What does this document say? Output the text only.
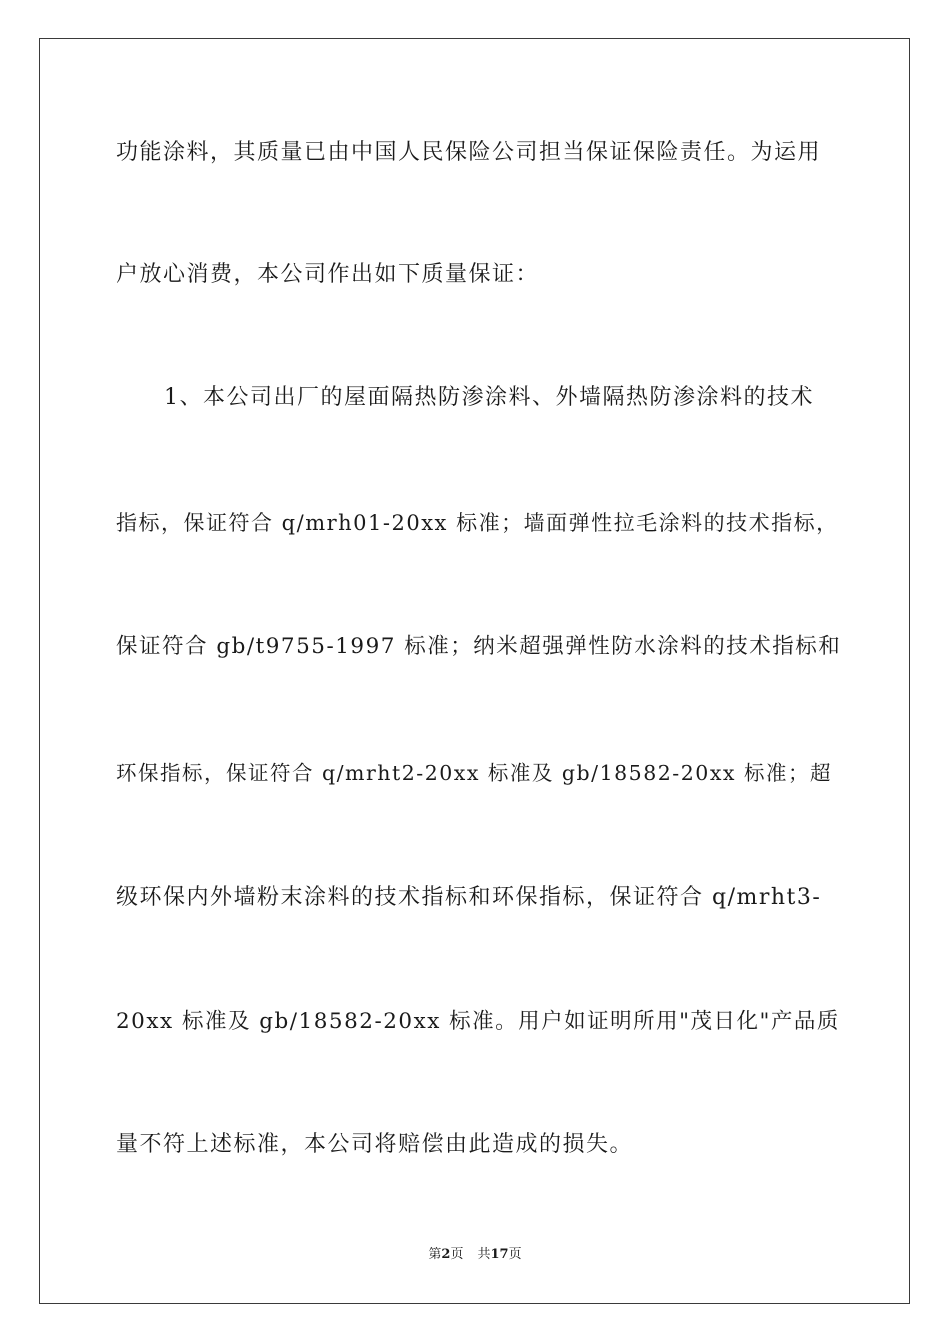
功能涂料，其质量已由中国人民保险公司担当保证保险责任。为运用
户放心消费，本公司作出如下质量保证：
1、本公司出厂的屋面隔热防渗涂料、外墙隔热防渗涂料的技术
指标，保证符合 q/mrh01-20xx 标准；墙面弹性拉毛涂料的技术指标，
保证符合 gb/t9755-1997 标准；纳米超强弹性防水涂料的技术指标和
环保指标，保证符合 q/mrht2-20xx 标准及 gb/18582-20xx 标准；超
级环保内外墙粉末涂料的技术指标和环保指标，保证符合 q/mrht3-
20xx 标准及 gb/18582-20xx 标准。用户如证明所用"茂日化"产品质
量不符上述标准，本公司将赔偿由此造成的损失。
第2页 共17页
